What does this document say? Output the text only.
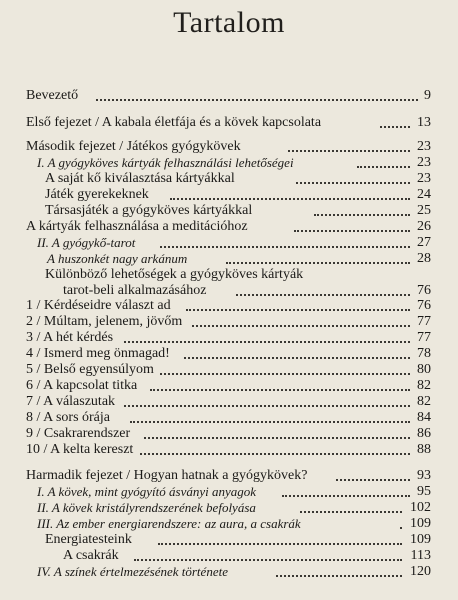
Tartalom
Bevezető	9
Első fejezet / A kabala életfája és a kövek kapcsolata	13
Második fejezet / Játékos gyógykövek	23
I. A gyógyköves kártyák felhasználási lehetőségei	23
A saját kő kiválasztása kártyákkal	23
Játék gyerekeknek	24
Társasjáték a gyógyköves kártyákkal	25
A kártyák felhasználása a meditációhoz	26
II. A gyógykő-tarot	27
A huszonkét nagy arkánum	28
Különböző lehetőségek a gyógyköves kártyák
tarot-beli alkalmazásához	76
1 / Kérdéseidre választ ad	76
2 / Múltam, jelenem, jövőm	77
3 / A hét kérdés	77
4 / Ismerd meg önmagad!	78
5 / Belső egyensúlyom	80
6 / A kapcsolat titka	82
7 / A válaszutak	82
8 / A sors órája	84
9 / Csakrarendszer	86
10 / A kelta kereszt	88
Harmadik fejezet / Hogyan hatnak a gyógykövek?	93
I. A kövek, mint gyógyító ásványi anyagok	95
II. A kövek kristályrendszerének befolyása	102
III. Az ember energiarendszere: az aura, a csakrák	109
Energiatesteink	109
A csakrák	113
IV. A színek értelmezésének története	120
